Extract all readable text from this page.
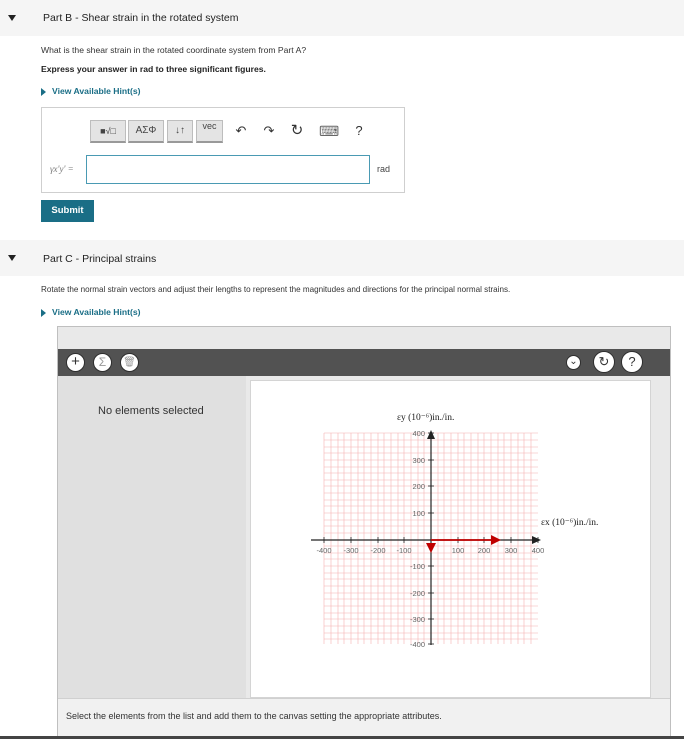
Part B - Shear strain in the rotated system
What is the shear strain in the rotated coordinate system from Part A?
Express your answer in rad to three significant figures.
View Available Hint(s)
■√□	ΑΣΦ	↓↑	vec	↶ ↷ ↻ ⌨	?
γx'y' =	rad
Submit
Part C - Principal strains
Rotate the normal strain vectors and adjust their lengths to represent the magnitudes and directions for the principal normal strains.
View Available Hint(s)
+	Σ	🗑	⌄	↻	?
No elements selected
εy (10⁻⁶)in./in.
εx (10⁻⁶)in./in.
-400 -300 -200 -100	100 200 300 400
400
300
200
100
-100
-200
-300
-400
Select the elements from the list and add them to the canvas setting the appropriate attributes.
